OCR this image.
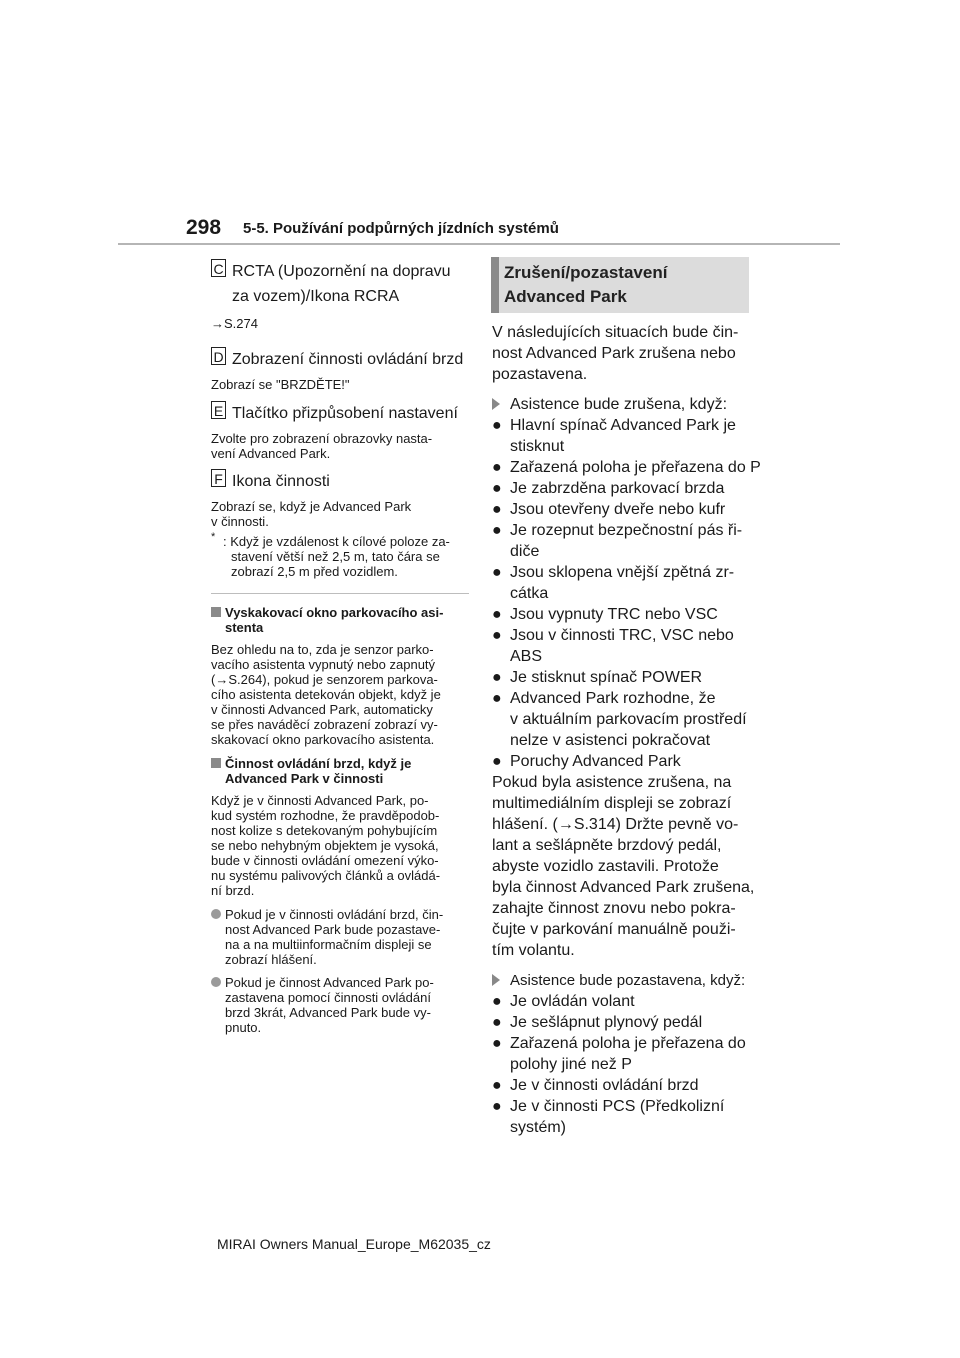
298 5-5. Používání podpůrných jízdních systémů
C RCTA (Upozornění na dopravu
za vozem)/Ikona RCRA
→S.274
D Zobrazení činnosti ovládání brzd
Zobrazí se "BRZDĚTE!"
E Tlačítko přizpůsobení nastavení
Zvolte pro zobrazení obrazovky nasta-
vení Advanced Park.
F Ikona činnosti
Zobrazí se, když je Advanced Park
v činnosti.
* : Když je vzdálenost k cílové poloze za-
stavení větší než 2,5 m, tato čára se
zobrazí 2,5 m před vozidlem.
Vyskakovací okno parkovacího asi-
stenta
Bez ohledu na to, zda je senzor parko-
vacího asistenta vypnutý nebo zapnutý
(→S.264), pokud je senzorem parkova-
cího asistenta detekován objekt, když je
v činnosti Advanced Park, automaticky
se přes naváděcí zobrazení zobrazí vy-
skakovací okno parkovacího asistenta.
Činnost ovládání brzd, když je
Advanced Park v činnosti
Když je v činnosti Advanced Park, po-
kud systém rozhodne, že pravděpodob-
nost kolize s detekovaným pohybujícím
se nebo nehybným objektem je vysoká,
bude v činnosti ovládání omezení výko-
nu systému palivových článků a ovládá-
ní brzd.
Pokud je v činnosti ovládání brzd, čin-
nost Advanced Park bude pozastave-
na a na multiinformačním displeji se
zobrazí hlášení.
Pokud je činnost Advanced Park po-
zastavena pomocí činnosti ovládání
brzd 3krát, Advanced Park bude vy-
pnuto.
Zrušení/pozastavení
Advanced Park
V následujících situacích bude čin-
nost Advanced Park zrušena nebo
pozastavena.
Asistence bude zrušena, když:
● Hlavní spínač Advanced Park je
stisknut
● Zařazená poloha je přeřazena do P
● Je zabrzděna parkovací brzda
● Jsou otevřeny dveře nebo kufr
● Je rozepnut bezpečnostní pás ři-
diče
● Jsou sklopena vnější zpětná zr-
cátka
● Jsou vypnuty TRC nebo VSC
● Jsou v činnosti TRC, VSC nebo
ABS
● Je stisknut spínač POWER
● Advanced Park rozhodne, že
v aktuálním parkovacím prostředí
nelze v asistenci pokračovat
● Poruchy Advanced Park
Pokud byla asistence zrušena, na
multimediálním displeji se zobrazí
hlášení. (→S.314) Držte pevně vo-
lant a sešlápněte brzdový pedál,
abyste vozidlo zastavili. Protože
byla činnost Advanced Park zrušena,
zahajte činnost znovu nebo pokra-
čujte v parkování manuálně použi-
tím volantu.
Asistence bude pozastavena, když:
● Je ovládán volant
● Je sešlápnut plynový pedál
● Zařazená poloha je přeřazena do
polohy jiné než P
● Je v činnosti ovládání brzd
● Je v činnosti PCS (Předkolizní
systém)
MIRAI Owners Manual_Europe_M62035_cz
